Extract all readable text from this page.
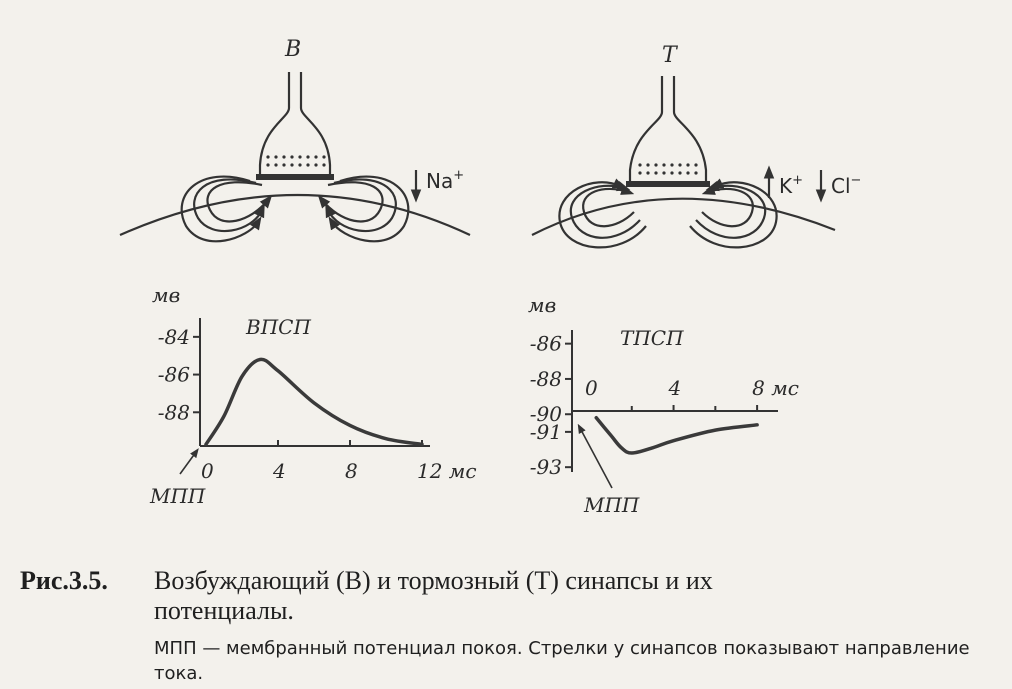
В
Na+
Т
K+ Cl−
мв
ВПСП
-84
-86
-88
0	4	8	12 мс
МПП
мв
ТПСП
-86
-88
-90
-91
-93
0	4	8 мс
МПП
Рис.3.5. Возбуждающий (В) и тормозный (Т) синапсы и их
потенциалы.
МПП — мембранный потенциал покоя. Стрелки у синапсов показывают направление тока.
